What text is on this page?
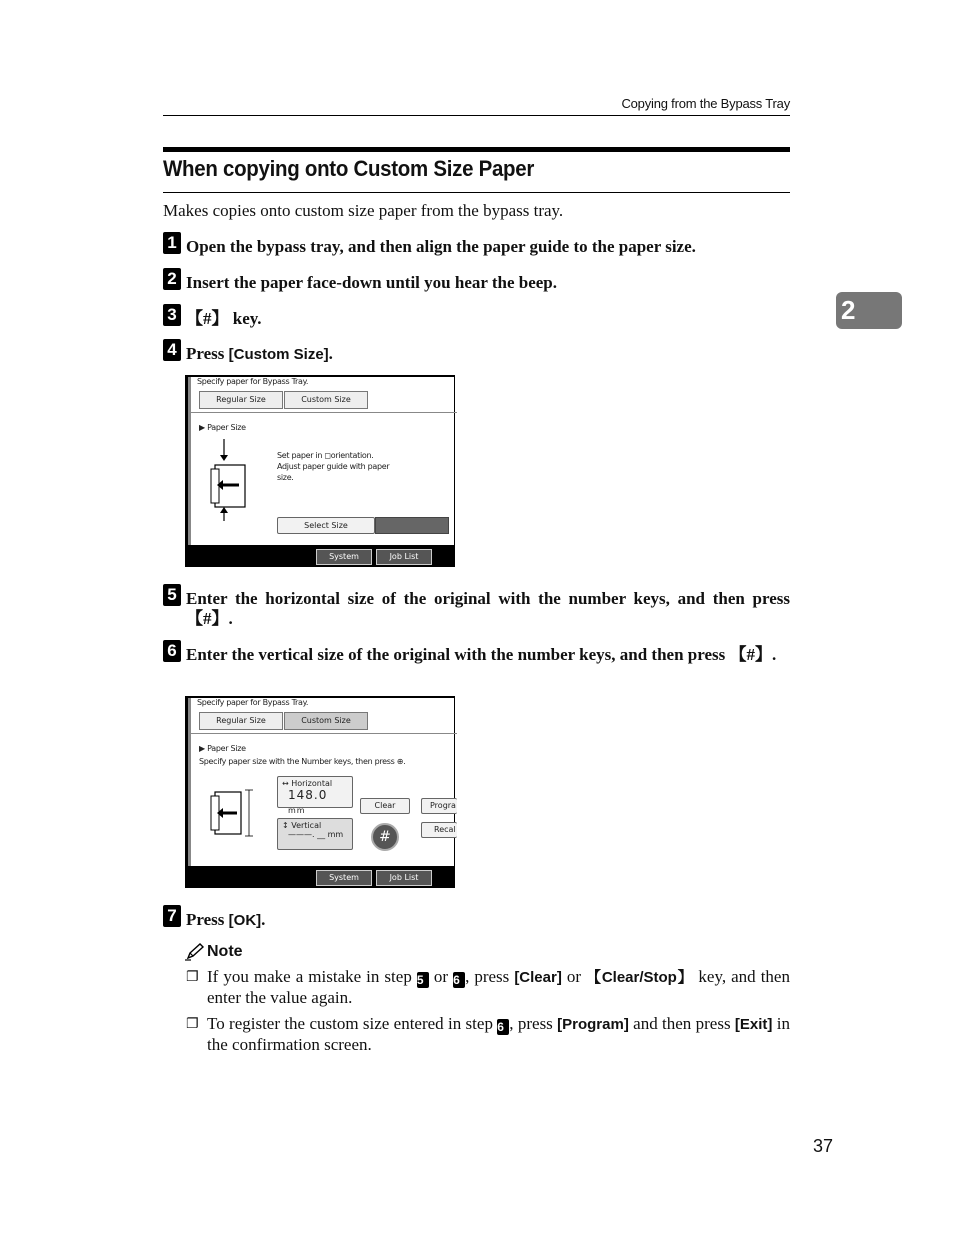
Copying from the Bypass Tray
When copying onto Custom Size Paper
Makes copies onto custom size paper from the bypass tray.
2
1 Open the bypass tray, and then align the paper guide to the paper size.
2 Insert the paper face-down until you hear the beep.
3 【#】 key.
4 Press [Custom Size].
Specify paper for Bypass Tray.
Regular Size	Custom Size
▶ Paper Size
Set paper in ◻orientation.
Adjust paper guide with paper
size.
Select Size
System Status
Job List
5 Enter the horizontal size of the original with the number keys, and then press 【#】.
6 Enter the vertical size of the original with the number keys, and then press 【#】.
Specify paper for Bypass Tray.
Regular Size	Custom Size
▶ Paper Size
Specify paper size with the Number keys, then press ⊕.
↔ Horizontal
148.0 mm
↕ Vertical
———. __ mm
Clear	Progra
Recal
#
System Status
Job List
7 Press [OK].
Note
❐ If you make a mistake in step 5 or 6 , press [Clear] or 【Clear/Stop】 key, and then enter the value again.
❐ To register the custom size entered in step 6 , press [Program] and then press [Exit] in the confirmation screen.
37
